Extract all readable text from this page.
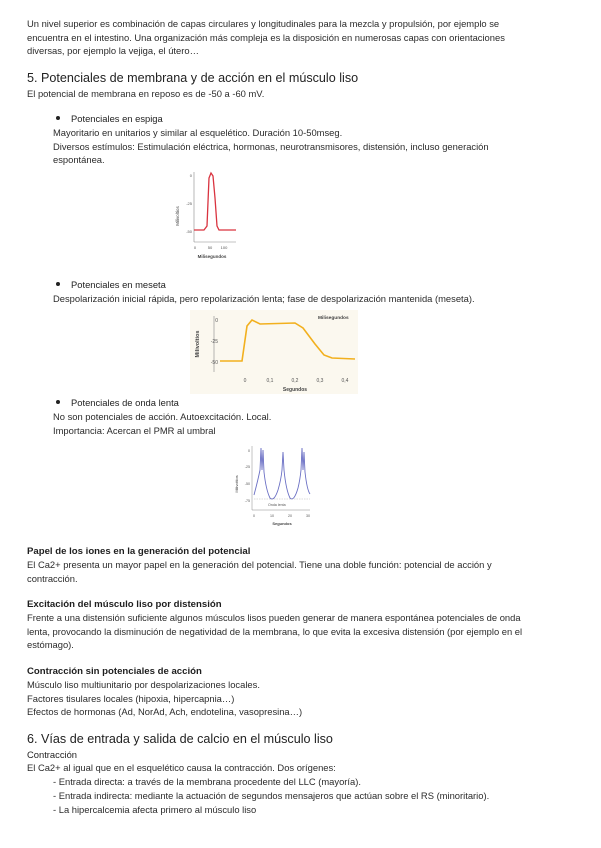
Un nivel superior es combinación de capas circulares y longitudinales para la mezcla y propulsión, por ejemplo se
encuentra en el intestino. Una organización más compleja es la disposición en numerosas capas con orientaciones
diversas, por ejemplo la vejiga, el útero…
5. Potenciales de membrana y de acción en el músculo liso
El potencial de membrana en reposo es de -50 a -60 mV.
Potenciales en espiga
Mayoritario en unitarios y similar al esquelético. Duración 10-50mseg.
Diversos estímulos: Estimulación eléctrica, hormonas, neurotransmisores, distensión, incluso generación
espontánea.
Milivoltios
0
-25
-50
0	50 100
Milisegundos
Potenciales en meseta
Despolarización inicial rápida, pero repolarización lenta; fase de despolarización mantenida (meseta).
Milivoltios
0
-25
-50
Milisegundos
0	0,1	0,2	0,3	0,4
Segundos
Potenciales de onda lenta
No son potenciales de acción. Autoexcitación. Local.
Importancia: Acercan el PMR al umbral
Milivoltios
0
-25
-50
-75
Onda lenta
0	10	20	30
Segundos
Papel de los iones en la generación del potencial
El Ca2+ presenta un mayor papel en la generación del potencial. Tiene una doble función: potencial de acción y
contracción.
Excitación del músculo liso por distensión
Frente a una distensión suficiente algunos músculos lisos pueden generar de manera espontánea potenciales de onda
lenta, provocando la disminución de negatividad de la membrana, lo que evita la excesiva distensión (por ejemplo en el
estómago).
Contracción sin potenciales de acción
Músculo liso multiunitario por despolarizaciones locales.
Factores tisulares locales (hipoxia, hipercapnia…)
Efectos de hormonas (Ad, NorAd, Ach, endotelina, vasopresina…)
6. Vías de entrada y salida de calcio en el músculo liso
Contracción
El Ca2+ al igual que en el esquelético causa la contracción. Dos orígenes:
- Entrada directa: a través de la membrana procedente del LLC (mayoría).
- Entrada indirecta: mediante la actuación de segundos mensajeros que actúan sobre el RS (minoritario).
- La hipercalcemia afecta primero al músculo liso
